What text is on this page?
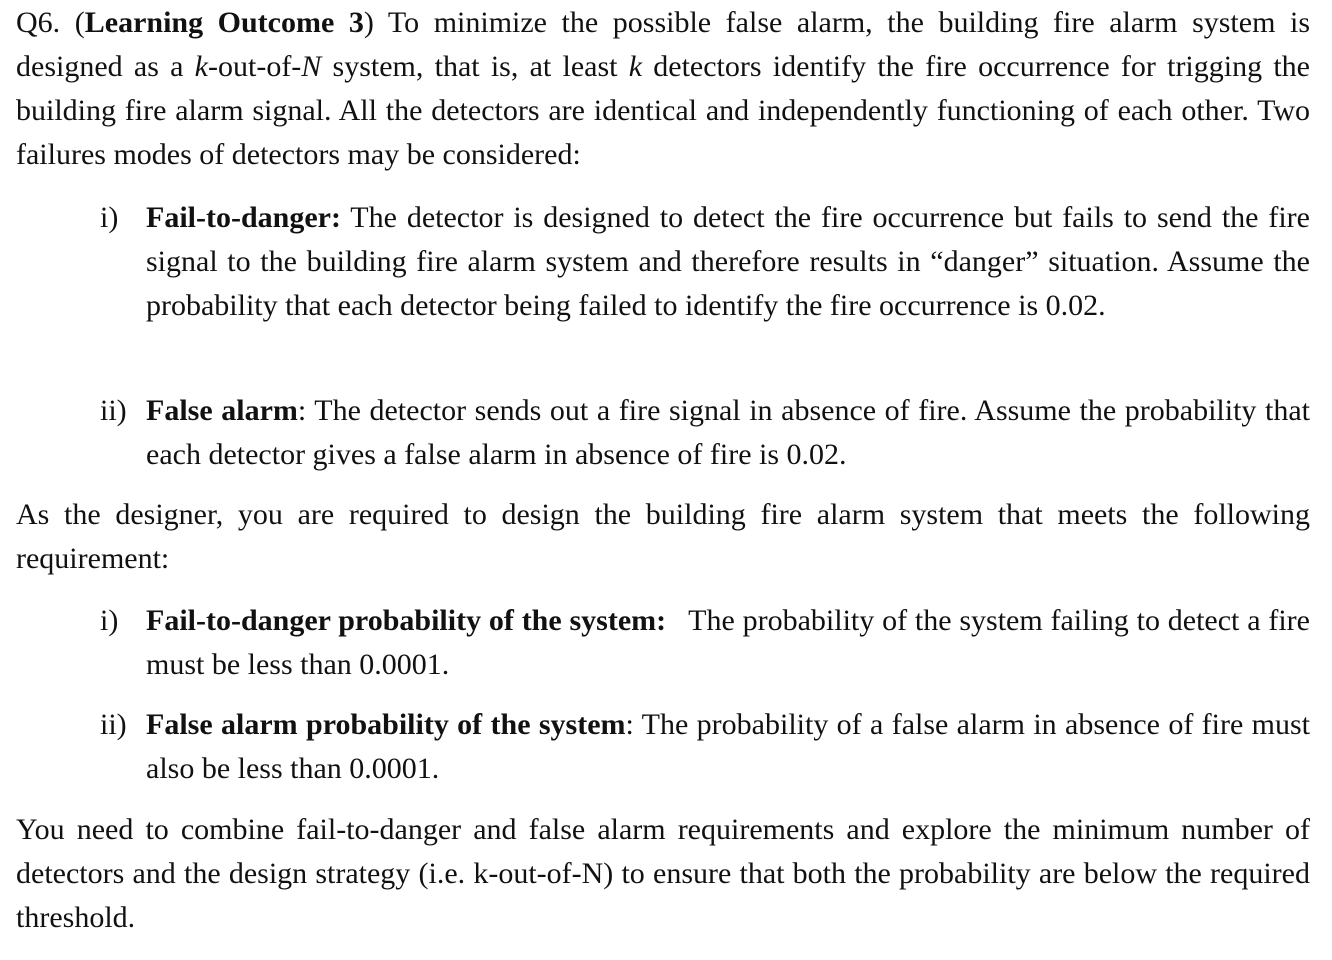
Q6. (Learning Outcome 3) To minimize the possible false alarm, the building fire alarm system is designed as a k-out-of-N system, that is, at least k detectors identify the fire occurrence for trigging the building fire alarm signal. All the detectors are identical and independently functioning of each other. Two failures modes of detectors may be considered:

i) Fail-to-danger: The detector is designed to detect the fire occurrence but fails to send the fire signal to the building fire alarm system and therefore results in “danger” situation. Assume the probability that each detector being failed to identify the fire occurrence is 0.02.
ii) False alarm: The detector sends out a fire signal in absence of fire. Assume the probability that each detector gives a false alarm in absence of fire is 0.02.

As the designer, you are required to design the building fire alarm system that meets the following requirement:

i) Fail-to-danger probability of the system: The probability of the system failing to detect a fire must be less than 0.0001.
ii) False alarm probability of the system: The probability of a false alarm in absence of fire must also be less than 0.0001.

You need to combine fail-to-danger and false alarm requirements and explore the minimum number of detectors and the design strategy (i.e. k-out-of-N) to ensure that both the probability are below the required threshold.
